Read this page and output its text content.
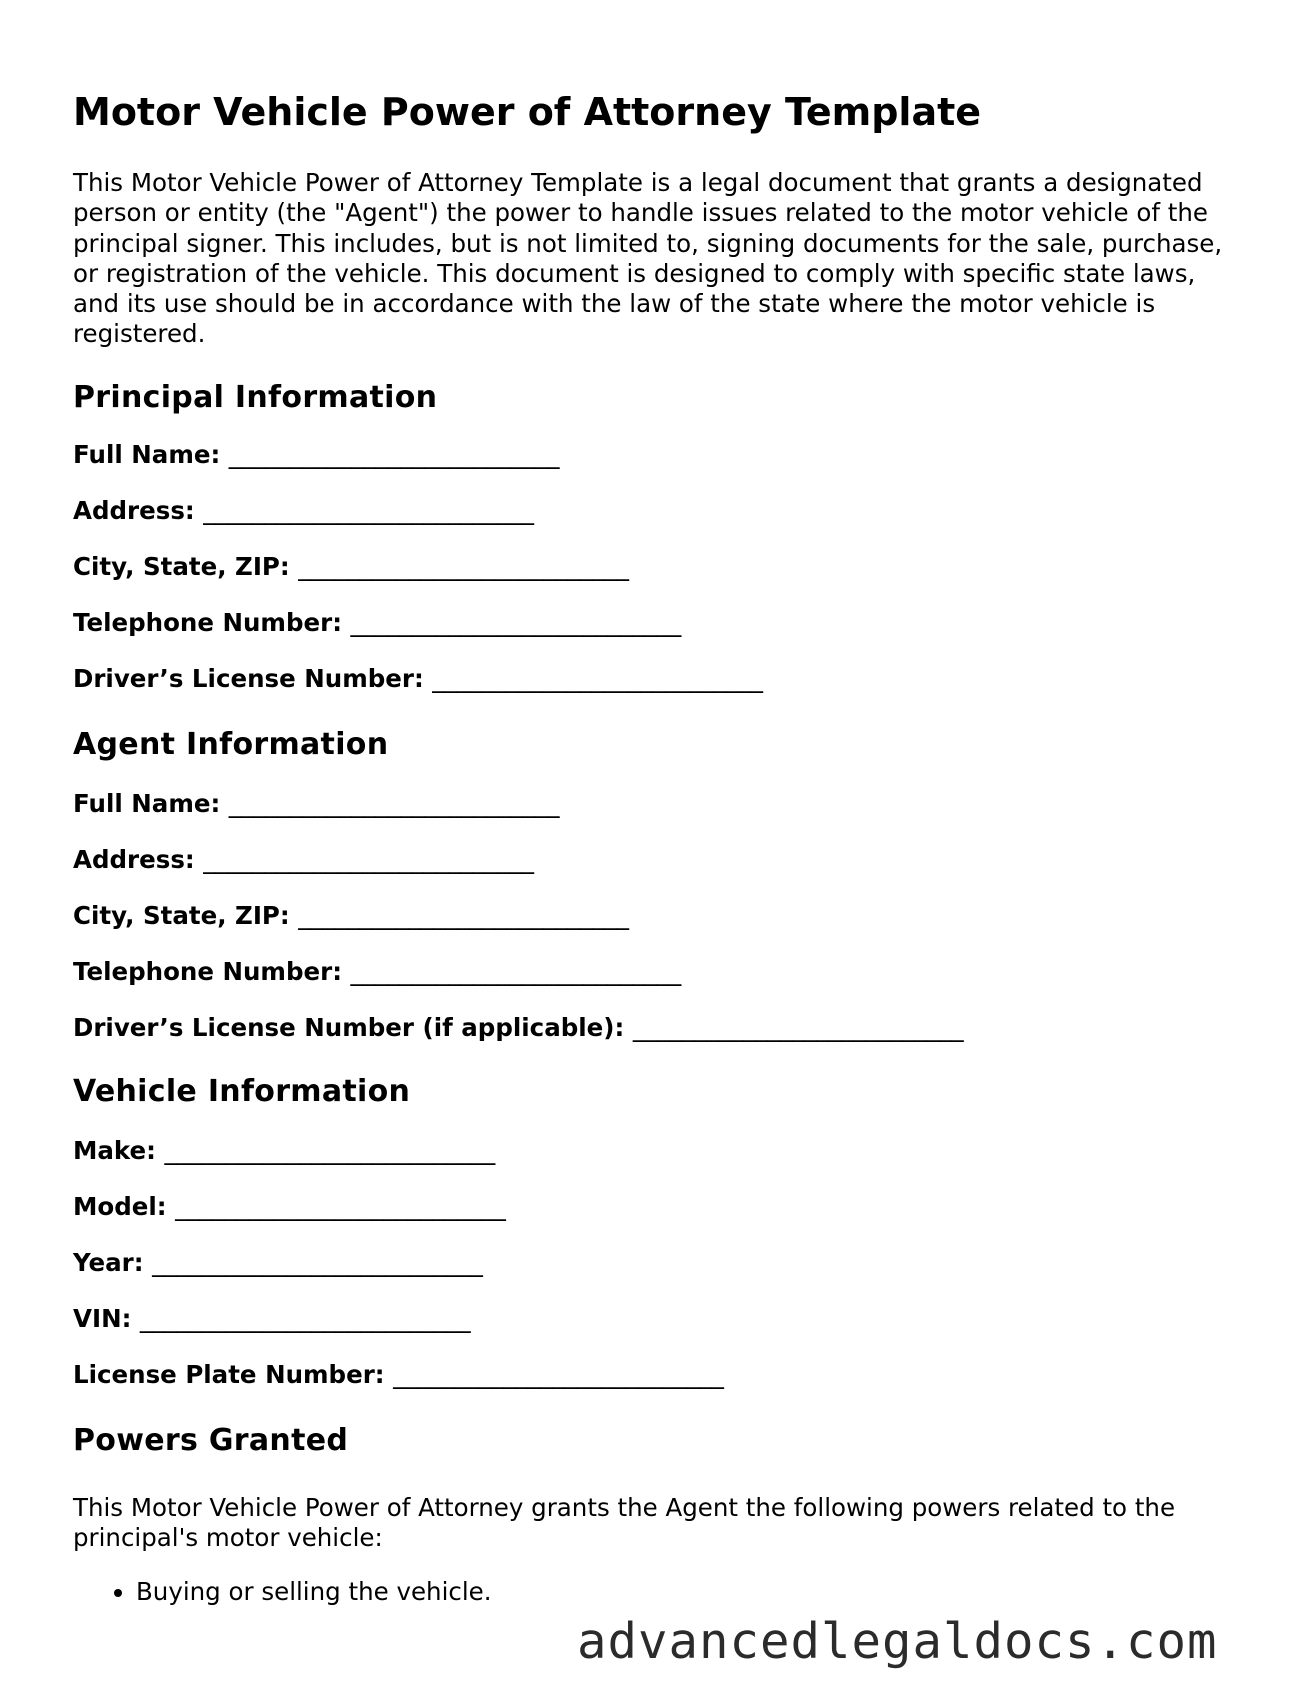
Motor Vehicle Power of Attorney Template

This Motor Vehicle Power of Attorney Template is a legal document that grants a designated person or entity (the "Agent") the power to handle issues related to the motor vehicle of the principal signer. This includes, but is not limited to, signing documents for the sale, purchase, or registration of the vehicle. This document is designed to comply with specific state laws, and its use should be in accordance with the law of the state where the motor vehicle is registered.

Principal Information
Full Name: ___________________________
Address: ___________________________
City, State, ZIP: ___________________________
Telephone Number: ___________________________
Driver’s License Number: ___________________________
Agent Information
Full Name: ___________________________
Address: ___________________________
City, State, ZIP: ___________________________
Telephone Number: ___________________________
Driver’s License Number (if applicable): ___________________________
Vehicle Information
Make: ___________________________
Model: ___________________________
Year: ___________________________
VIN: ___________________________
License Plate Number: ___________________________
Powers Granted

This Motor Vehicle Power of Attorney grants the Agent the following powers related to the principal's motor vehicle:

• Buying or selling the vehicle.
advancedlegaldocs.com
